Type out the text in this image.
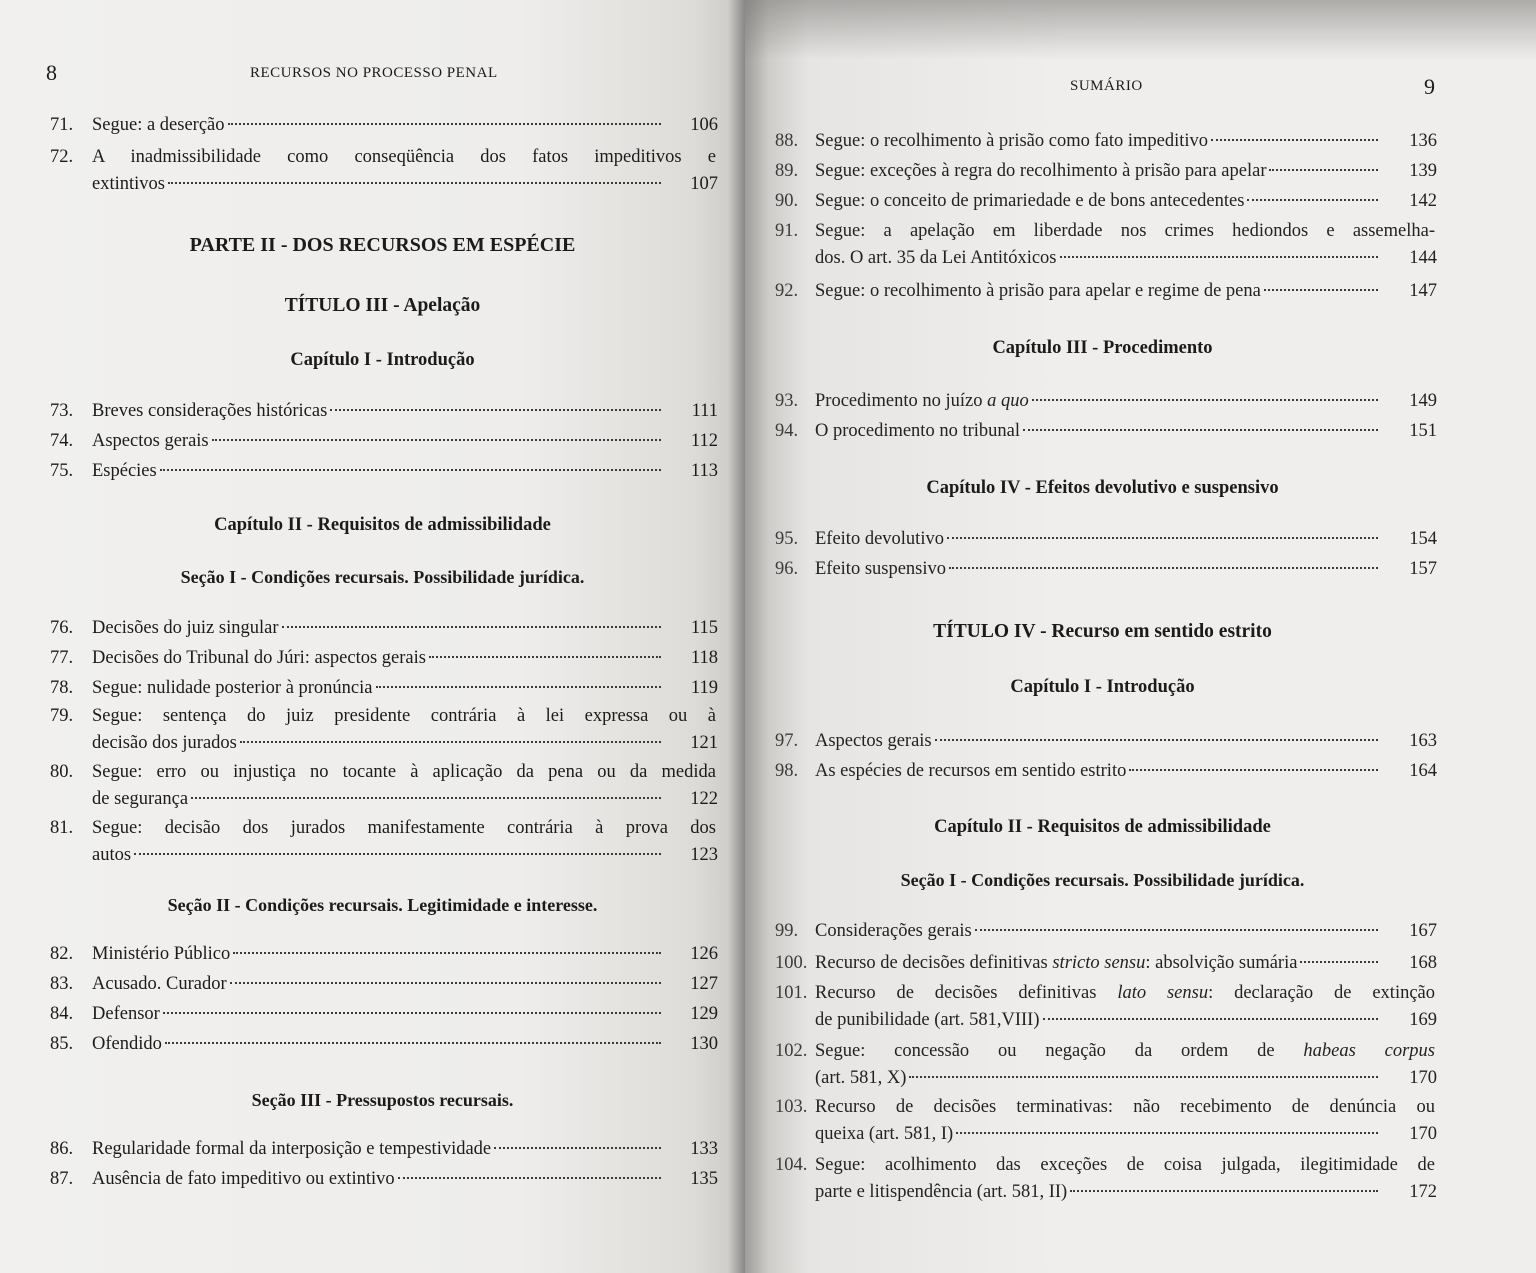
8	RECURSOS NO PROCESSO PENAL
PARTE II - DOS RECURSOS EM ESPÉCIE
TÍTULO III - Apelação
Capítulo I - Introdução
Capítulo II - Requisitos de admissibilidade
Seção I - Condições recursais. Possibilidade jurídica.
Seção II - Condições recursais. Legitimidade e interesse.
Seção III - Pressupostos recursais.
71. Segue: a deserção	106
72. A inadmissibilidade como conseqüência dos fatos impeditivos e
extintivos	107
73. Breves considerações históricas	111
74. Aspectos gerais	112
75. Espécies	113
76. Decisões do juiz singular	115
77. Decisões do Tribunal do Júri: aspectos gerais	118
78. Segue: nulidade posterior à pronúncia	119
79. Segue: sentença do juiz presidente contrária à lei expressa ou à
decisão dos jurados	121
80. Segue: erro ou injustiça no tocante à aplicação da pena ou da medida
de segurança	122
81. Segue: decisão dos jurados manifestamente contrária à prova dos
autos	123
82. Ministério Público	126
83. Acusado. Curador	127
84. Defensor	129
85. Ofendido	130
86. Regularidade formal da interposição e tempestividade	133
87. Ausência de fato impeditivo ou extintivo	135
9
SUMÁRIO
Capítulo III - Procedimento
Capítulo IV - Efeitos devolutivo e suspensivo
TÍTULO IV - Recurso em sentido estrito
Capítulo I - Introdução
Capítulo II - Requisitos de admissibilidade
Seção I - Condições recursais. Possibilidade jurídica.
88. Segue: o recolhimento à prisão como fato impeditivo	136
89. Segue: exceções à regra do recolhimento à prisão para apelar	139
90. Segue: o conceito de primariedade e de bons antecedentes	142
91. Segue: a apelação em liberdade nos crimes hediondos e assemelha-
dos. O art. 35 da Lei Antitóxicos	144
92. Segue: o recolhimento à prisão para apelar e regime de pena	147
93. Procedimento no juízo a quo	149
94. O procedimento no tribunal	151
95. Efeito devolutivo	154
96. Efeito suspensivo	157
97. Aspectos gerais	163
98. As espécies de recursos em sentido estrito	164
99. Considerações gerais	167
100. Recurso de decisões definitivas stricto sensu: absolvição sumária	168
101. Recurso de decisões definitivas lato sensu: declaração de extinção
de punibilidade (art. 581,VIII)	169
102. Segue: concessão ou negação da ordem de habeas corpus
(art. 581, X)	170
103. Recurso de decisões terminativas: não recebimento de denúncia ou
queixa (art. 581, I)	170
104. Segue: acolhimento das exceções de coisa julgada, ilegitimidade de
parte e litispendência (art. 581, II)	172
